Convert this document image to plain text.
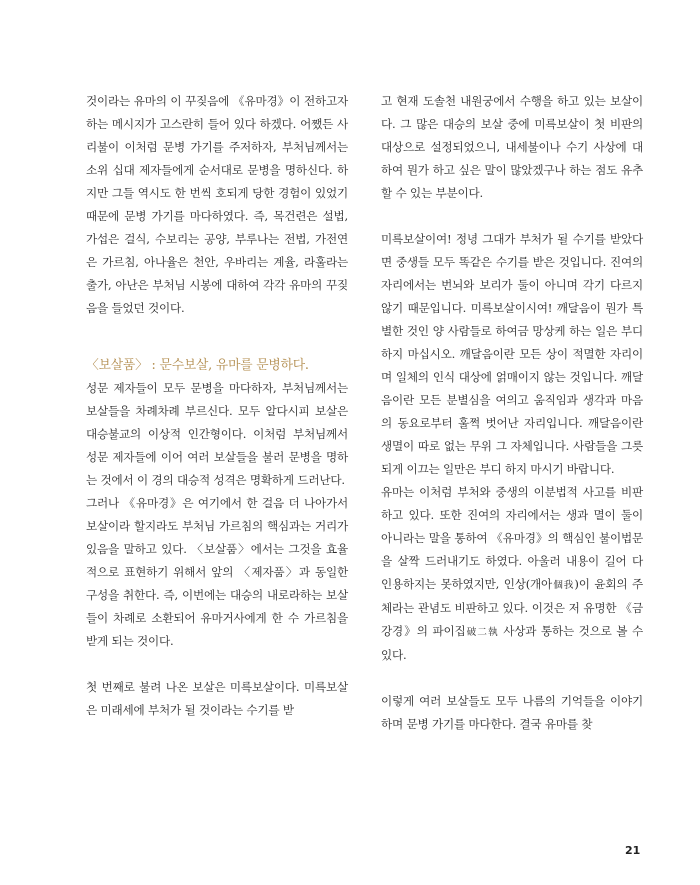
것이라는 유마의 이 꾸짖음에 《유마경》이 전하고자 하는 메시지가 고스란히 들어 있다 하겠다. 어쨌든 사리불이 이처럼 문병 가기를 주저하자, 부처님께서는 소위 십대 제자들에게 순서대로 문병을 명하신다. 하지만 그들 역시도 한 번씩 호되게 당한 경험이 있었기 때문에 문병 가기를 마다하였다. 즉, 목건련은 설법, 가섭은 걸식, 수보리는 공양, 부루나는 전법, 가전연은 가르침, 아나율은 천안, 우바리는 계율, 라훌라는 출가, 아난은 부처님 시봉에 대하여 각각 유마의 꾸짖음을 들었던 것이다.

〈보살품〉 : 문수보살, 유마를 문병하다.

성문 제자들이 모두 문병을 마다하자, 부처님께서는 보살들을 차례차례 부르신다. 모두 알다시피 보살은 대승불교의 이상적 인간형이다. 이처럼 부처님께서 성문 제자들에 이어 여러 보살들을 불러 문병을 명하는 것에서 이 경의 대승적 성격은 명확하게 드러난다.

그러나 《유마경》은 여기에서 한 걸음 더 나아가서 보살이라 할지라도 부처님 가르침의 핵심과는 거리가 있음을 말하고 있다. 〈보살품〉에서는 그것을 효율적으로 표현하기 위해서 앞의 〈제자품〉과 동일한 구성을 취한다. 즉, 이번에는 대승의 내로라하는 보살들이 차례로 소환되어 유마거사에게 한 수 가르침을 받게 되는 것이다.

첫 번째로 불려 나온 보살은 미륵보살이다. 미륵보살은 미래세에 부처가 될 것이라는 수기를 받

고 현재 도솔천 내원궁에서 수행을 하고 있는 보살이다. 그 많은 대승의 보살 중에 미륵보살이 첫 비판의 대상으로 설정되었으니, 내세불이나 수기 사상에 대하여 뭔가 하고 싶은 말이 많았겠구나 하는 점도 유추할 수 있는 부분이다.

미륵보살이여! 정녕 그대가 부처가 될 수기를 받았다면 중생들 모두 똑같은 수기를 받은 것입니다. 진여의 자리에서는 번뇌와 보리가 둘이 아니며 각기 다르지 않기 때문입니다. 미륵보살이시여! 깨달음이 뭔가 특별한 것인 양 사람들로 하여금 망상케 하는 일은 부디 하지 마십시오. 깨달음이란 모든 상이 적멸한 자리이며 일체의 인식 대상에 얽매이지 않는 것입니다. 깨달음이란 모든 분별심을 여의고 움직임과 생각과 마음의 동요로부터 훌쩍 벗어난 자리입니다. 깨달음이란 생멸이 따로 없는 무위 그 자체입니다. 사람들을 그릇되게 이끄는 일만은 부디 하지 마시기 바랍니다.

유마는 이처럼 부처와 중생의 이분법적 사고를 비판하고 있다. 또한 진여의 자리에서는 생과 멸이 둘이 아니라는 말을 통하여 《유마경》의 핵심인 불이법문을 살짝 드러내기도 하였다. 아울러 내용이 길어 다 인용하지는 못하였지만, 인상(개아個我)이 윤회의 주체라는 관념도 비판하고 있다. 이것은 저 유명한 《금강경》의 파이집破二執 사상과 통하는 것으로 볼 수 있다.

이렇게 여러 보살들도 모두 나름의 기억들을 이야기하며 문병 가기를 마다한다. 결국 유마를 찾

21
